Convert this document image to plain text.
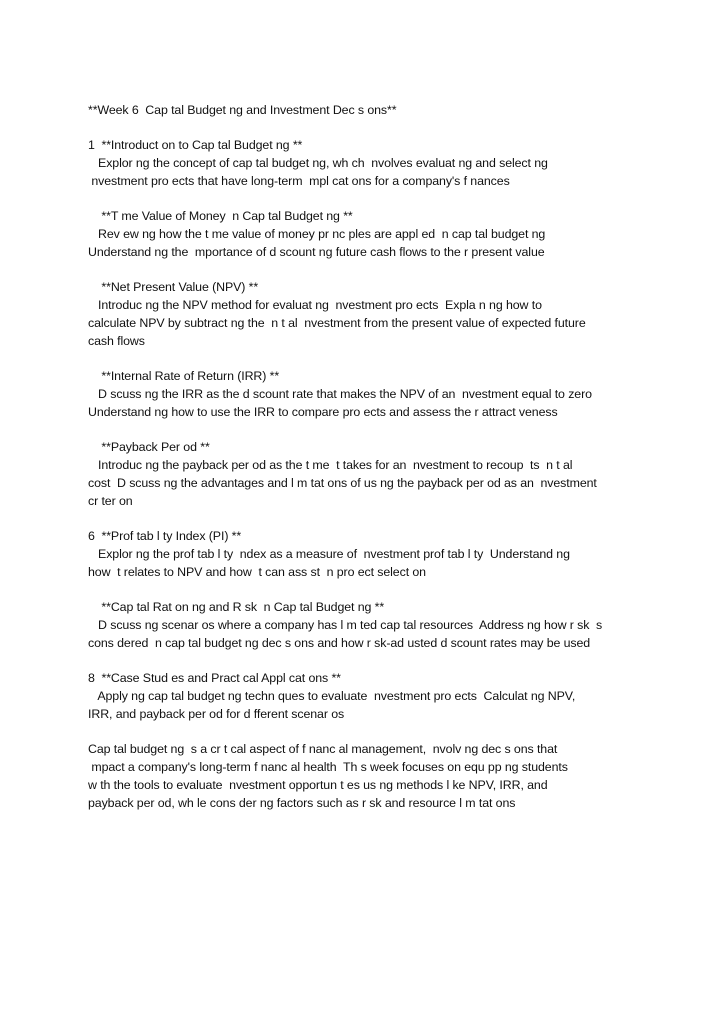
**Week 6  Cap tal Budget ng and Investment Dec s ons**
1  **Introduct on to Cap tal Budget ng **
Explor ng the concept of cap tal budget ng, wh ch  nvolves evaluat ng and select ng
nvestment pro ects that have long-term  mpl cat ons for a company's f nances
**T me Value of Money  n Cap tal Budget ng **
Rev ew ng how the t me value of money pr nc ples are appl ed  n cap tal budget ng
Understand ng the  mportance of d scount ng future cash flows to the r present value
**Net Present Value (NPV) **
Introduc ng the NPV method for evaluat ng  nvestment pro ects  Expla n ng how to
calculate NPV by subtract ng the  n t al  nvestment from the present value of expected future
cash flows
**Internal Rate of Return (IRR) **
D scuss ng the IRR as the d scount rate that makes the NPV of an  nvestment equal to zero
Understand ng how to use the IRR to compare pro ects and assess the r attract veness
**Payback Per od **
Introduc ng the payback per od as the t me  t takes for an  nvestment to recoup  ts  n t al
cost  D scuss ng the advantages and l m tat ons of us ng the payback per od as an  nvestment
cr ter on
6  **Prof tab l ty Index (PI) **
Explor ng the prof tab l ty  ndex as a measure of  nvestment prof tab l ty  Understand ng
how  t relates to NPV and how  t can ass st  n pro ect select on
**Cap tal Rat on ng and R sk  n Cap tal Budget ng **
D scuss ng scenar os where a company has l m ted cap tal resources  Address ng how r sk  s
cons dered  n cap tal budget ng dec s ons and how r sk-ad usted d scount rates may be used
8  **Case Stud es and Pract cal Appl cat ons **
Apply ng cap tal budget ng techn ques to evaluate  nvestment pro ects  Calculat ng NPV,
IRR, and payback per od for d fferent scenar os
Cap tal budget ng  s a cr t cal aspect of f nanc al management,  nvolv ng dec s ons that
mpact a company's long-term f nanc al health  Th s week focuses on equ pp ng students
w th the tools to evaluate  nvestment opportun t es us ng methods l ke NPV, IRR, and
payback per od, wh le cons der ng factors such as r sk and resource l m tat ons
